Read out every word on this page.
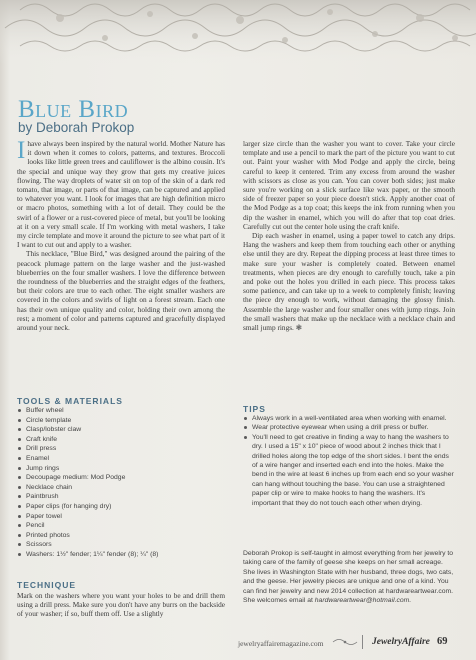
Blue Bird

by Deborah Prokop

Ihave always been inspired by the natural world. Mother Nature has it down when it comes to colors, patterns, and textures. Broccoli looks like little green trees and cauliflower is the albino cousin. It's the special and unique way they grow that gets my creative juices flowing. The way droplets of water sit on top of the skin of a dark red tomato, that image, or parts of that image, can be captured and applied to whatever you want. I look for images that are high definition micro or macro photos, something with a lot of detail. They could be the swirl of a flower or a rust-covered piece of metal, but you'll be looking at it on a very small scale. If I'm working with metal washers, I take my circle template and move it around the picture to see what part of it I want to cut out and apply to a washer.

This necklace, "Blue Bird," was designed around the pairing of the peacock plumage pattern on the large washer and the just-washed blueberries on the four smaller washers. I love the difference between the roundness of the blueberries and the straight edges of the feathers, but their colors are true to each other. The eight smaller washers are covered in the colors and swirls of light on a forest stream. Each one has their own unique quality and color, holding their own among the rest; a moment of color and patterns captured and gracefully displayed around your neck.

larger size circle than the washer you want to cover. Take your circle template and use a pencil to mark the part of the picture you want to cut out. Paint your washer with Mod Podge and apply the circle, being careful to keep it centered. Trim any excess from around the washer with scissors as close as you can. You can cover both sides; just make sure you're working on a slick surface like wax paper, or the smooth side of freezer paper so your piece doesn't stick. Apply another coat of the Mod Podge as a top coat; this keeps the ink from running when you dip the washer in enamel, which you will do after that top coat dries. Carefully cut out the center hole using the craft knife.

Dip each washer in enamel, using a paper towel to catch any drips. Hang the washers and keep them from touching each other or anything else until they are dry. Repeat the dipping process at least three times to make sure your washer is completely coated. Between enamel treatments, when pieces are dry enough to carefully touch, take a pin and poke out the holes you drilled in each piece. This process takes some patience, and can take up to a week to completely finish; leaving the piece dry enough to work, without damaging the glossy finish. Assemble the large washer and four smaller ones with jump rings. Join the small washers that make up the necklace with a necklace chain and small jump rings. ❃

TOOLS & MATERIALS
Buffer wheel
Circle template
Clasp/lobster claw
Craft knife
Drill press
Enamel
Jump rings
Decoupage medium: Mod Podge
Necklace chain
Paintbrush
Paper clips (for hanging dry)
Paper towel
Pencil
Printed photos
Scissors
Washers: 1½" fender; 1¼" fender (8); ¼" (8)
TECHNIQUE

Mark on the washers where you want your holes to be and drill them using a drill press. Make sure you don't have any burrs on the backside of your washer; if so, buff them off. Use a slightly

TIPS
Always work in a well-ventilated area when working with enamel.
Wear protective eyewear when using a drill press or buffer.
You'll need to get creative in finding a way to hang the washers to dry. I used a 15" x 10" piece of wood about 2 inches thick that I drilled holes along the top edge of the short sides. I bent the ends of a wire hanger and inserted each end into the holes. Make the bend in the wire at least 6 inches up from each end so your washer can hang without touching the base. You can use a straightened paper clip or wire to make hooks to hang the washers. It's important that they do not touch each other when drying.

Deborah Prokop is self-taught in almost everything from her jewelry to taking care of the family of geese she keeps on her small acreage. She lives in Washington State with her husband, three dogs, two cats, and the geese. Her jewelry pieces are unique and one of a kind. You can find her jewelry and new 2014 collection at hardwareartwear.com. She welcomes email at hardwareartwear@hotmail.com.

jewelryaffairemagazine.com	JewelryAffaire 69
